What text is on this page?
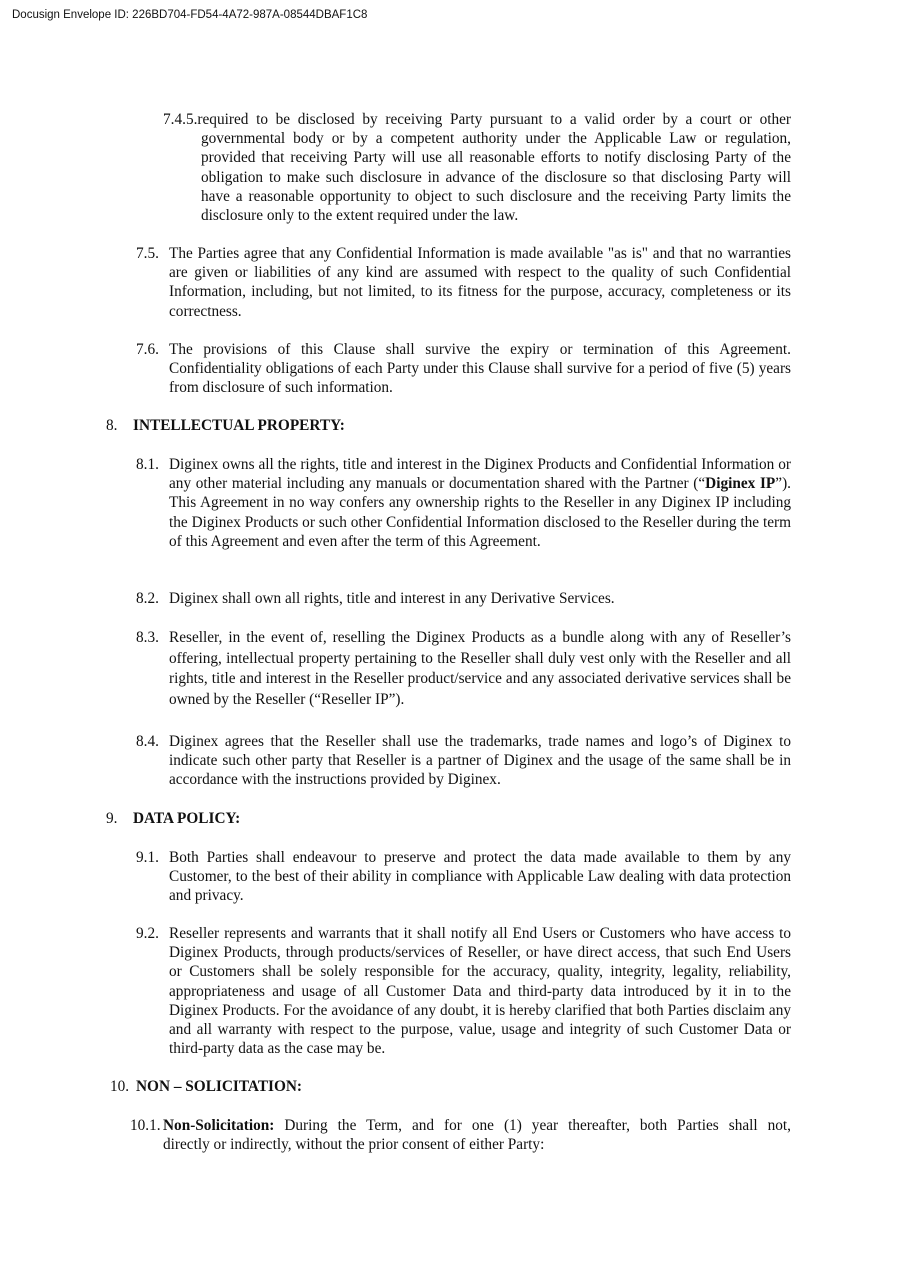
Docusign Envelope ID: 226BD704-FD54-4A72-987A-08544DBAF1C8

7.4.5.required to be disclosed by receiving Party pursuant to a valid order by a court or other

governmental body or by a competent authority under the Applicable Law or regulation, provided that receiving Party will use all reasonable efforts to notify disclosing Party of the obligation to make such disclosure in advance of the disclosure so that disclosing Party will have a reasonable opportunity to object to such disclosure and the receiving Party limits the disclosure only to the extent required under the law.

7.5. The Parties agree that any Confidential Information is made available "as is" and that no warranties are given or liabilities of any kind are assumed with respect to the quality of such Confidential Information, including, but not limited, to its fitness for the purpose, accuracy, completeness or its correctness.

7.6. The provisions of this Clause shall survive the expiry or termination of this Agreement. Confidentiality obligations of each Party under this Clause shall survive for a period of five (5) years from disclosure of such information.

8. INTELLECTUAL PROPERTY:
8.1. Diginex owns all the rights, title and interest in the Diginex Products and Confidential Information or any other material including any manuals or documentation shared with the Partner (“Diginex IP”). This Agreement in no way confers any ownership rights to the Reseller in any Diginex IP including the Diginex Products or such other Confidential Information disclosed to the Reseller during the term of this Agreement and even after the term of this Agreement.

8.2. Diginex shall own all rights, title and interest in any Derivative Services.

8.3. Reseller, in the event of, reselling the Diginex Products as a bundle along with any of Reseller’s offering, intellectual property pertaining to the Reseller shall duly vest only with the Reseller and all rights, title and interest in the Reseller product/service and any associated derivative services shall be owned by the Reseller (“Reseller IP”).

8.4. Diginex agrees that the Reseller shall use the trademarks, trade names and logo’s of Diginex to indicate such other party that Reseller is a partner of Diginex and the usage of the same shall be in accordance with the instructions provided by Diginex.

9. DATA POLICY:
9.1. Both Parties shall endeavour to preserve and protect the data made available to them by any Customer, to the best of their ability in compliance with Applicable Law dealing with data protection and privacy.

9.2. Reseller represents and warrants that it shall notify all End Users or Customers who have access to Diginex Products, through products/services of Reseller, or have direct access, that such End Users or Customers shall be solely responsible for the accuracy, quality, integrity, legality, reliability, appropriateness and usage of all Customer Data and third-party data introduced by it in to the Diginex Products. For the avoidance of any doubt, it is hereby clarified that both Parties disclaim any and all warranty with respect to the purpose, value, usage and integrity of such Customer Data or third-party data as the case may be.

10. NON – SOLICITATION:
10.1. Non-Solicitation: During the Term, and for one (1) year thereafter, both Parties shall not,

directly or indirectly, without the prior consent of either Party:
